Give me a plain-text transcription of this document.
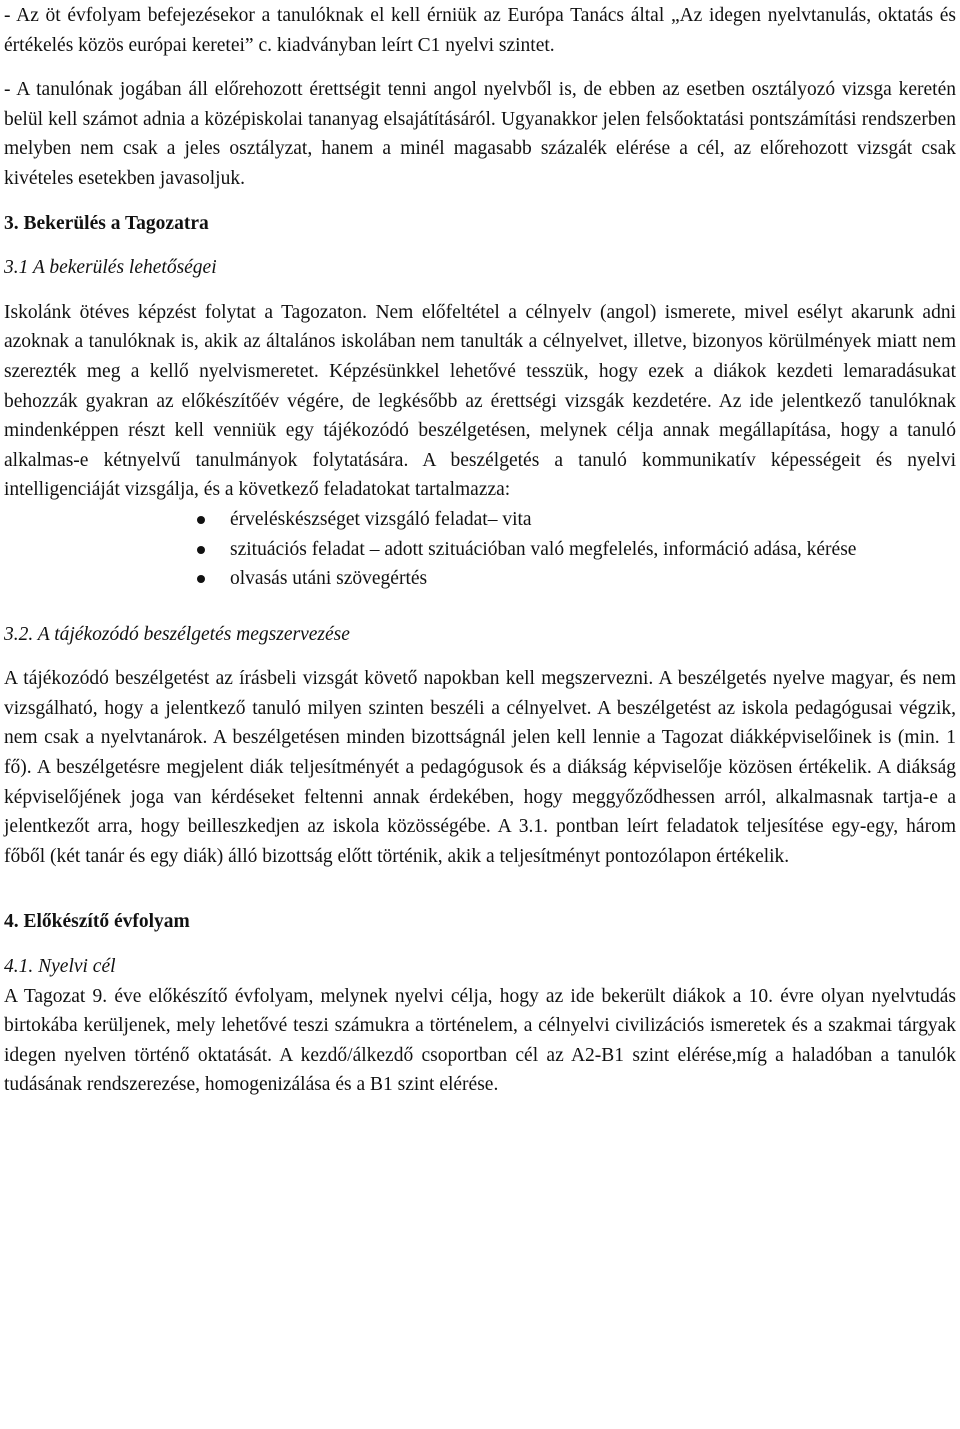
- Az öt évfolyam befejezésekor a tanulóknak el kell érniük az Európa Tanács által „Az idegen nyelvtanulás, oktatás és értékelés közös európai keretei” c. kiadványban leírt C1 nyelvi szintet.

- A tanulónak jogában áll előrehozott érettségit tenni angol nyelvből is, de ebben az esetben osztályozó vizsga keretén belül kell számot adnia a középiskolai tananyag elsajátításáról. Ugyanakkor jelen felsőoktatási pontszámítási rendszerben melyben nem csak a jeles osztályzat, hanem a minél magasabb százalék elérése a cél, az előrehozott vizsgát csak kivételes esetekben javasoljuk.

3. Bekerülés a Tagozatra
3.1 A bekerülés lehetőségei

Iskolánk ötéves képzést folytat a Tagozaton. Nem előfeltétel a célnyelv (angol) ismerete, mivel esélyt akarunk adni azoknak a tanulóknak is, akik az általános iskolában nem tanulták a célnyelvet, illetve, bizonyos körülmények miatt nem szerezték meg a kellő nyelvismeretet. Képzésünkkel lehetővé tesszük, hogy ezek a diákok kezdeti lemaradásukat behozzák gyakran az előkészítőév végére, de legkésőbb az érettségi vizsgák kezdetére. Az ide jelentkező tanulóknak mindenképpen részt kell venniük egy tájékozódó beszélgetésen, melynek célja annak megállapítása, hogy a tanuló alkalmas-e kétnyelvű tanulmányok folytatására. A beszélgetés a tanuló kommunikatív képességeit és nyelvi intelligenciáját vizsgálja, és a következő feladatokat tartalmazza:

érveléskészséget vizsgáló feladat– vita
szituációs feladat – adott szituációban való megfelelés, információ adása, kérése
olvasás utáni szövegértés
3.2. A tájékozódó beszélgetés megszervezése

A tájékozódó beszélgetést az írásbeli vizsgát követő napokban kell megszervezni. A beszélgetés nyelve magyar, és nem vizsgálható, hogy a jelentkező tanuló milyen szinten beszéli a célnyelvet. A beszélgetést az iskola pedagógusai végzik, nem csak a nyelvtanárok. A beszélgetésen minden bizottságnál jelen kell lennie a Tagozat diákképviselőinek is (min. 1 fő). A beszélgetésre megjelent diák teljesítményét a pedagógusok és a diákság képviselője közösen értékelik. A diákság képviselőjének joga van kérdéseket feltenni annak érdekében, hogy meggyőződhessen arról, alkalmasnak tartja-e a jelentkezőt arra, hogy beilleszkedjen az iskola közösségébe. A 3.1. pontban leírt feladatok teljesítése egy-egy, három főből (két tanár és egy diák) álló bizottság előtt történik, akik a teljesítményt pontozólapon értékelik.

4. Előkészítő évfolyam
4.1. Nyelvi cél

A Tagozat 9. éve előkészítő évfolyam, melynek nyelvi célja, hogy az ide bekerült diákok a 10. évre olyan nyelvtudás birtokába kerüljenek, mely lehetővé teszi számukra a történelem, a célnyelvi civilizációs ismeretek és a szakmai tárgyak idegen nyelven történő oktatását. A kezdő/álkezdő csoportban cél az A2-B1 szint elérése,míg a haladóban a tanulók tudásának rendszerezése, homogenizálása és a B1 szint elérése.
